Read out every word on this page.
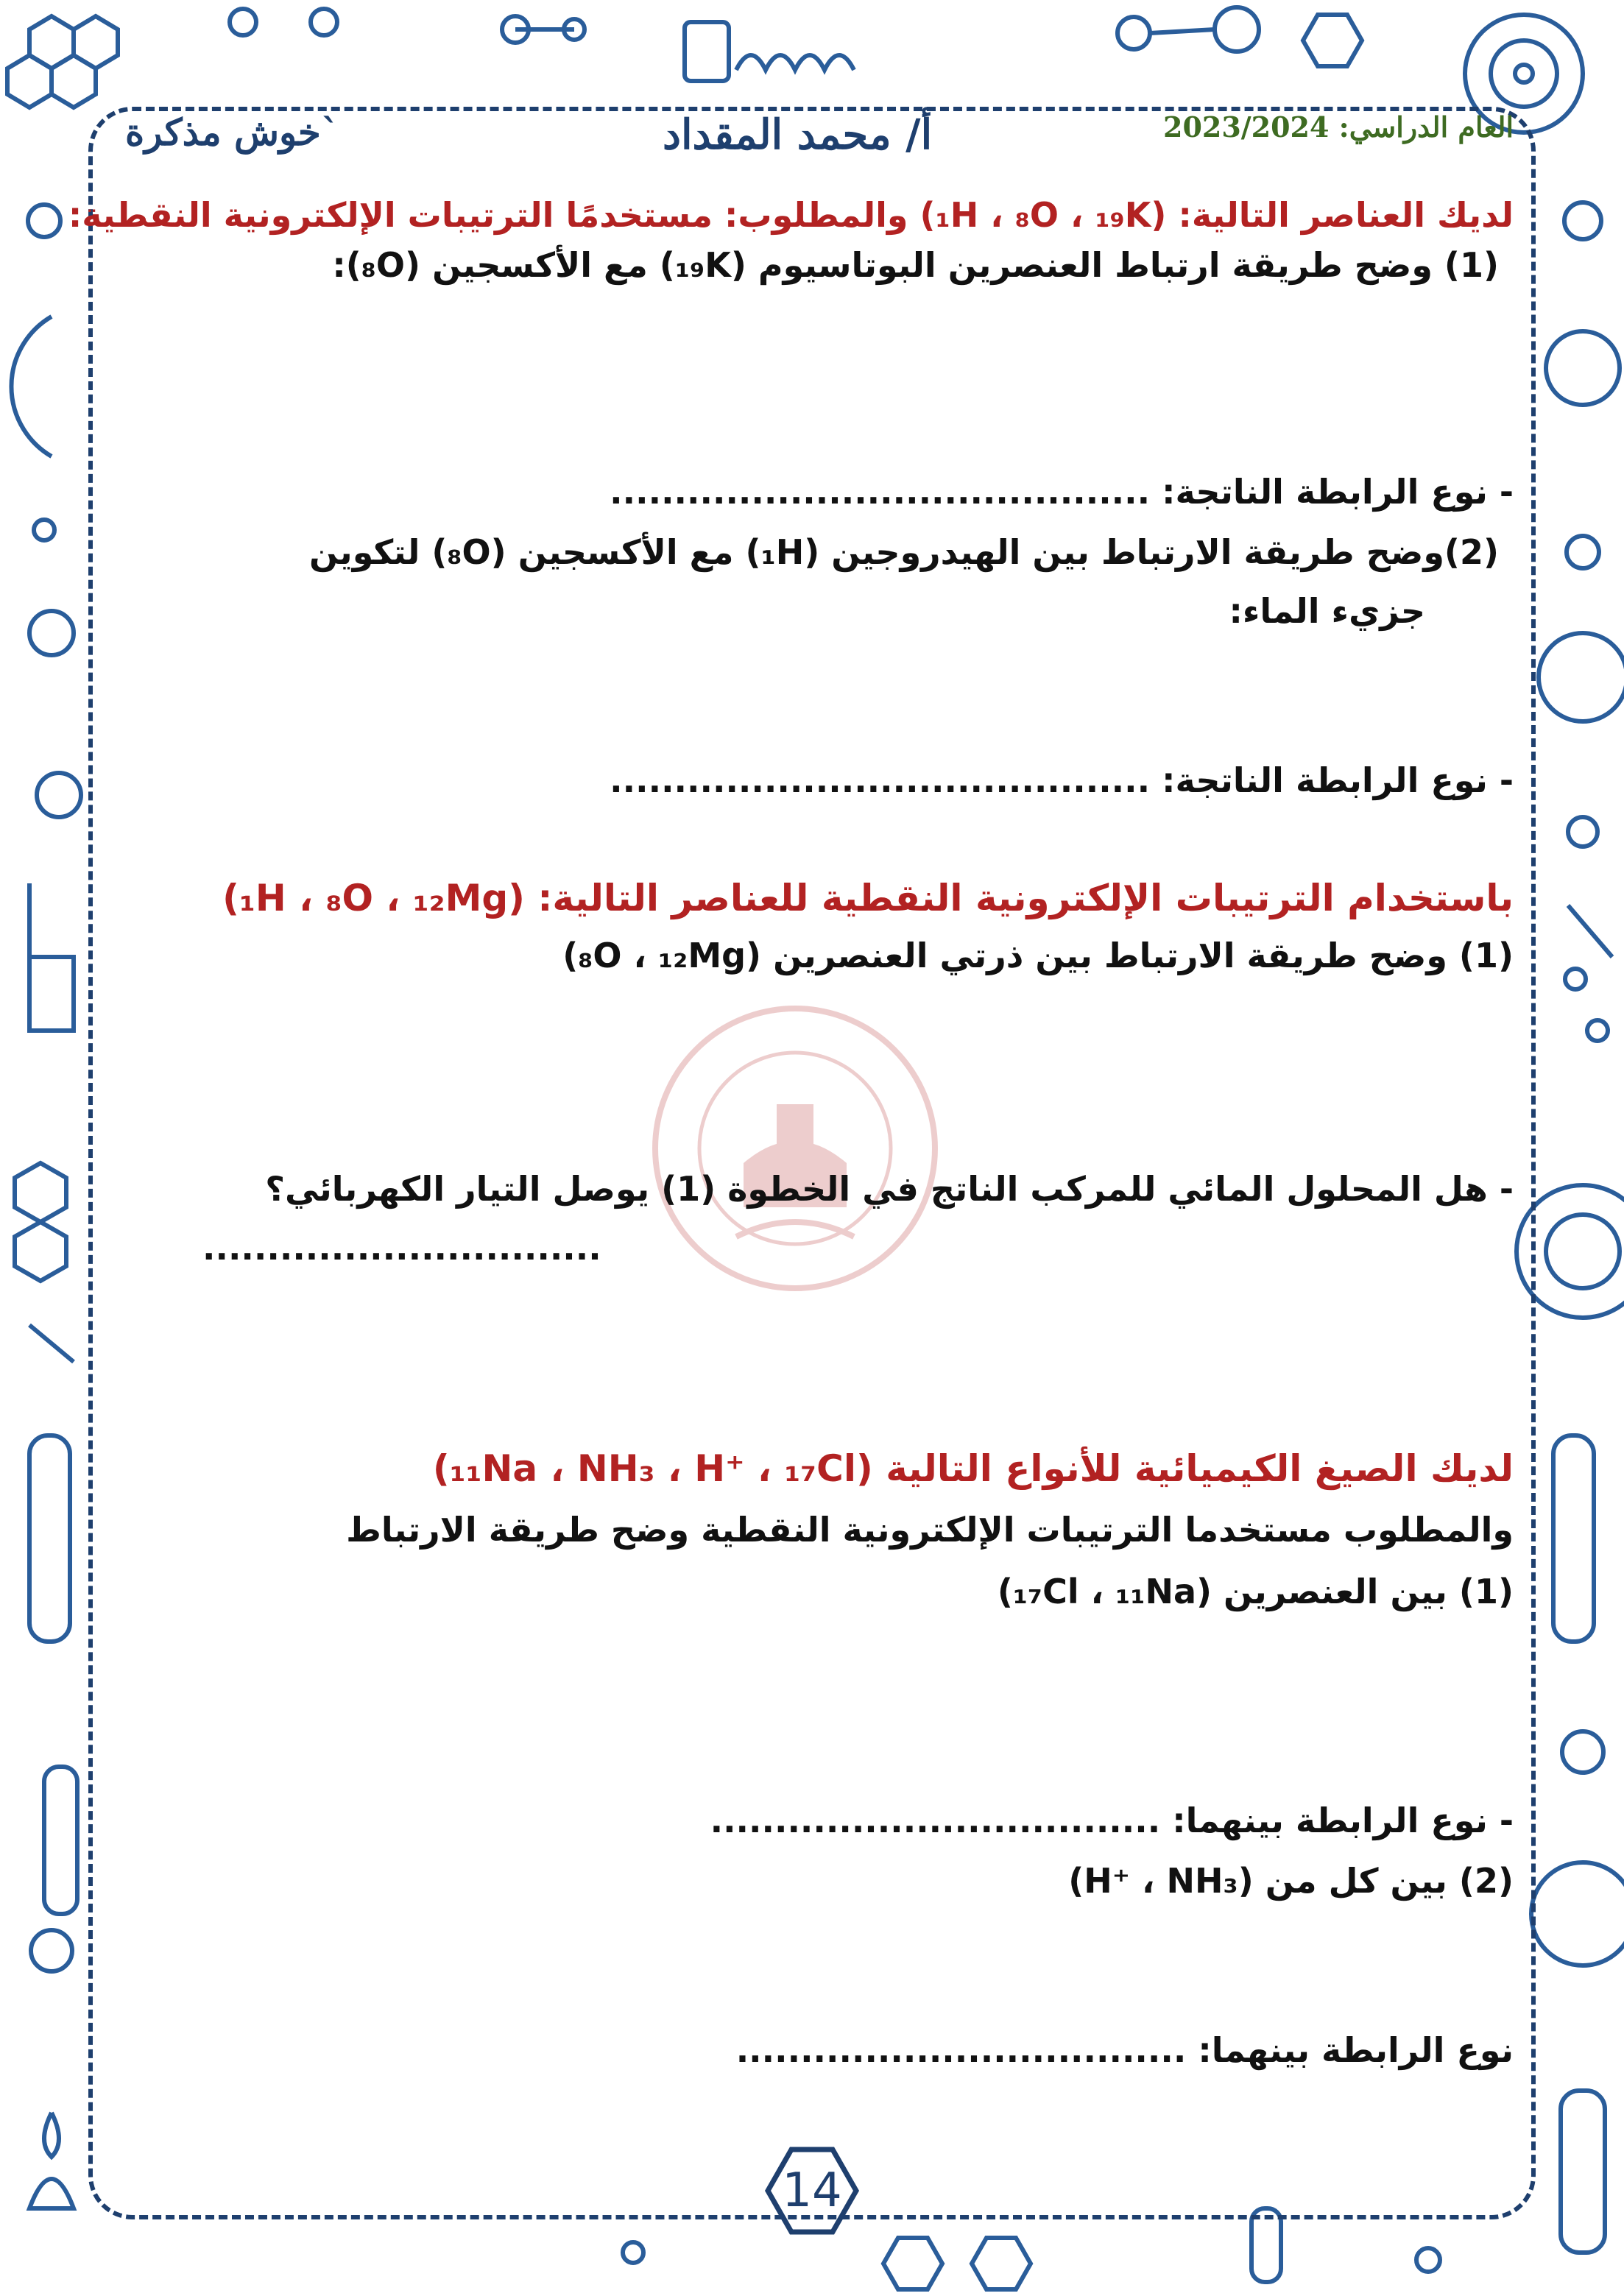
العام الدراسي: 2023/2024
أ/ محمد المقداد
خوش مذكرة`
لديك العناصر التالية: (₁H ، ₈O ، ₁₉K) والمطلوب: مستخدمًا الترتيبات الإلكترونية النقطية:
(1) وضح طريقة ارتباط العنصرين البوتاسيوم (₁₉K) مع الأكسجين (₈O):
- نوع الرابطة الناتجة: ..........................................
(2)وضح طريقة الارتباط بين الهيدروجين (₁H) مع الأكسجين (₈O) لتكوين
جزيء الماء:
- نوع الرابطة الناتجة: ..........................................
باستخدام الترتيبات الإلكترونية النقطية للعناصر التالية: (₁H ، ₈O ، ₁₂Mg)
(1) وضح طريقة الارتباط بين ذرتي العنصرين (₈O ، ₁₂Mg)
- هل المحلول المائي للمركب الناتج في الخطوة (1) يوصل التيار الكهربائي؟
...............................
لديك الصيغ الكيميائية للأنواع التالية (₁₁Na ، NH₃ ، H⁺ ، ₁₇Cl)
والمطلوب مستخدما الترتيبات الإلكترونية النقطية وضح طريقة الارتباط
(1) بين العنصرين (₁₇Cl ، ₁₁Na)
- نوع الرابطة بينهما: ...................................
(2) بين كل من (H⁺ ، NH₃)
نوع الرابطة بينهما: ...................................
14
